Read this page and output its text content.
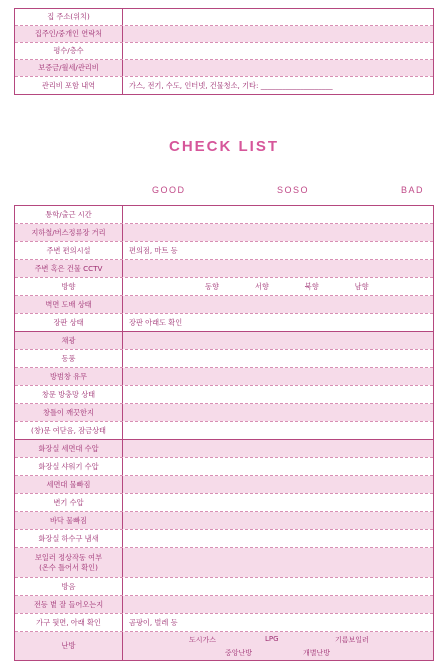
집 주소(위치)
집주인/중개인 연락처
평수/층수
보증금/월세/관리비
관리비 포함 내역	가스, 전기, 수도, 인터넷, 건물청소, 기타: ____________________
CHECK LIST
GOOD	SOSO	BAD
통학/출근 시간
지하철/버스정류장 거리
주변 편의시설	편의점, 마트 등
주변 혹은 건물 CCTV
방향	동향	서향	북향	남향
벽면 도배 상태
장판 상태	장판 아래도 확인
채광
동풍
방범창 유무
창문 방충망 상태
창틀이 깨끗한지
(창)문 여닫음, 잠금상태
화장실 세면대 수압
화장실 샤워기 수압
세면대 물빠짐
변기 수압
바닥 물빠짐
화장실 하수구 냄새
보일러 정상작동 여부
(온수 틀어서 확인)
방음
전등 볕 잘 들어오는지
가구 뒷면, 아래 확인	곰팡이, 벌레 등
난방
도시가스	LPG	기름보일러
중앙난방	개별난방
